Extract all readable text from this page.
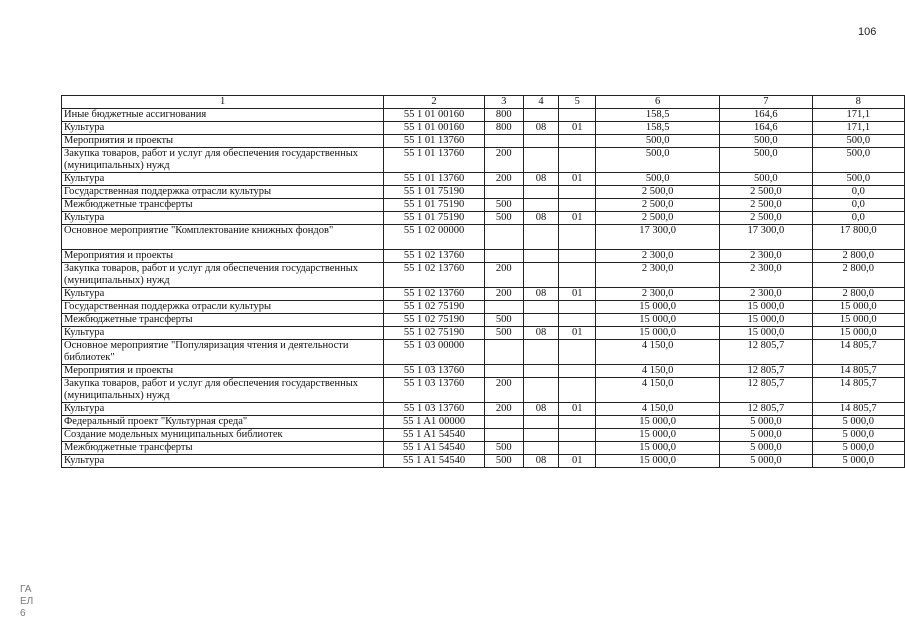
106
1	2	3	4	5	6	7	8
Иные бюджетные ассигнования	55 1 01 00160	800			158,5	164,6	171,1
Культура	55 1 01 00160	800	08	01	158,5	164,6	171,1
Мероприятия и проекты	55 1 01 13760				500,0	500,0	500,0
Закупка товаров, работ и услуг для обеспечения государственных (муниципальных) нужд	55 1 01 13760	200			500,0	500,0	500,0
Культура	55 1 01 13760	200	08	01	500,0	500,0	500,0
Государственная поддержка отрасли культуры	55 1 01 75190				2 500,0	2 500,0	0,0
Межбюджетные трансферты	55 1 01 75190	500			2 500,0	2 500,0	0,0
Культура	55 1 01 75190	500	08	01	2 500,0	2 500,0	0,0
Основное мероприятие "Комплектование книжных фондов"	55 1 02 00000				17 300,0	17 300,0	17 800,0
Мероприятия и проекты	55 1 02 13760				2 300,0	2 300,0	2 800,0
Закупка товаров, работ и услуг для обеспечения государственных (муниципальных) нужд	55 1 02 13760	200			2 300,0	2 300,0	2 800,0
Культура	55 1 02 13760	200	08	01	2 300,0	2 300,0	2 800,0
Государственная поддержка отрасли культуры	55 1 02 75190				15 000,0	15 000,0	15 000,0
Межбюджетные трансферты	55 1 02 75190	500			15 000,0	15 000,0	15 000,0
Культура	55 1 02 75190	500	08	01	15 000,0	15 000,0	15 000,0
Основное мероприятие "Популяризация чтения и деятельности библиотек"	55 1 03 00000				4 150,0	12 805,7	14 805,7
Мероприятия и проекты	55 1 03 13760				4 150,0	12 805,7	14 805,7
Закупка товаров, работ и услуг для обеспечения государственных (муниципальных) нужд	55 1 03 13760	200			4 150,0	12 805,7	14 805,7
Культура	55 1 03 13760	200	08	01	4 150,0	12 805,7	14 805,7
Федеральный проект "Культурная среда"	55 1 A1 00000				15 000,0	5 000,0	5 000,0
Создание модельных муниципальных библиотек	55 1 A1 54540				15 000,0	5 000,0	5 000,0
Межбюджетные трансферты	55 1 A1 54540	500			15 000,0	5 000,0	5 000,0
Культура	55 1 A1 54540	500	08	01	15 000,0	5 000,0	5 000,0
ГА
ЕЛ
6
